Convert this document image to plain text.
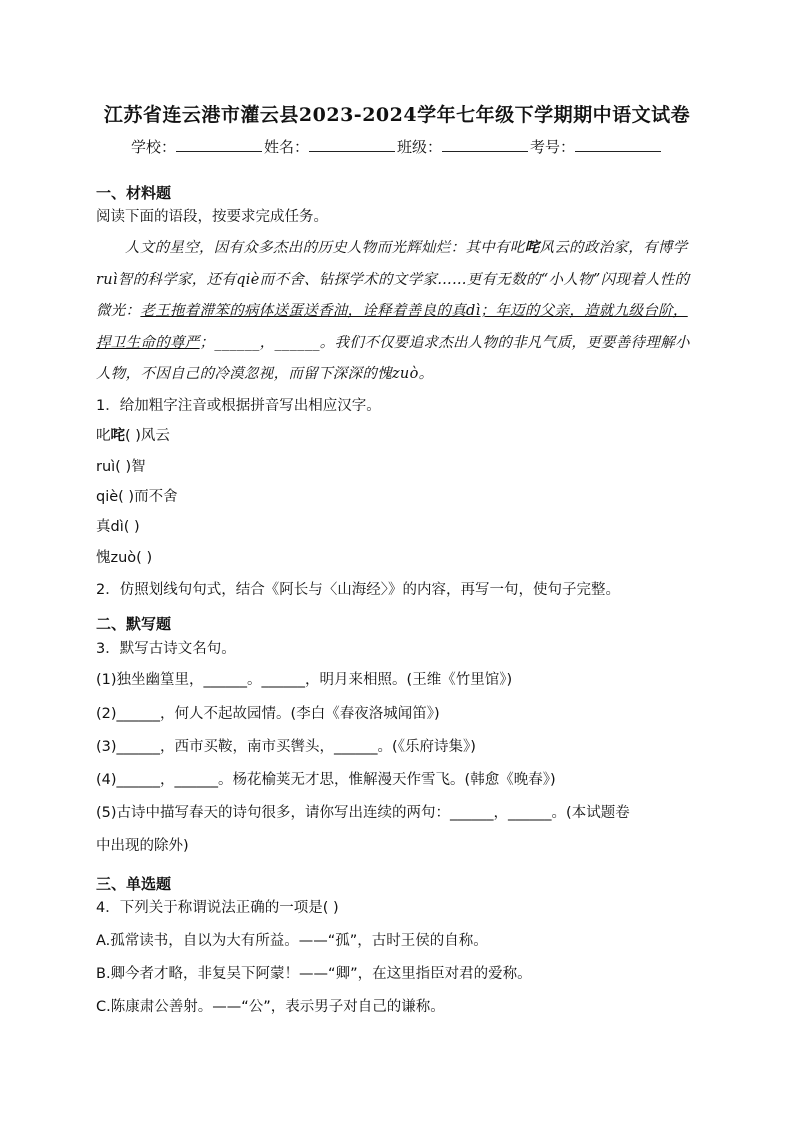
江苏省连云港市灌云县2023-2024学年七年级下学期期中语文试卷
学校：	姓名：	班级：	考号：
一、材料题
阅读下面的语段，按要求完成任务。
人文的星空，因有众多杰出的历史人物而光辉灿烂：其中有叱咤风云的政治家，有博学ruì智的科学家，还有qiè而不舍、钻探学术的文学家……更有无数的“小人物”闪现着人性的微光：老王拖着滞笨的病体送蛋送香油，诠释着善良的真dì；年迈的父亲，造就九级台阶，捍卫生命的尊严；______，______。我们不仅要追求杰出人物的非凡气质，更要善待理解小人物，不因自己的冷漠忽视，而留下深深的愧zuò。
1．给加粗字注音或根据拼音写出相应汉字。
叱咤( )风云
ruì( )智
qiè( )而不舍
真dì( )
愧zuò( )
2．仿照划线句句式，结合《阿长与〈山海经〉》的内容，再写一句，使句子完整。
二、默写题
3．默写古诗文名句。
(1)独坐幽篁里，______。______，明月来相照。(王维《竹里馆》)
(2)______，何人不起故园情。(李白《春夜洛城闻笛》)
(3)______，西市买鞍，南市买辔头，______。(《乐府诗集》)
(4)______，______。杨花榆荚无才思，惟解漫天作雪飞。(韩愈《晚春》)
(5)古诗中描写春天的诗句很多，请你写出连续的两句：______，______。(本试题卷
中出现的除外)
三、单选题
4．下列关于称谓说法正确的一项是( )
A.孤常读书，自以为大有所益。——“孤”，古时王侯的自称。
B.卿今者才略，非复吴下阿蒙！——“卿”，在这里指臣对君的爱称。
C.陈康肃公善射。——“公”，表示男子对自己的谦称。
